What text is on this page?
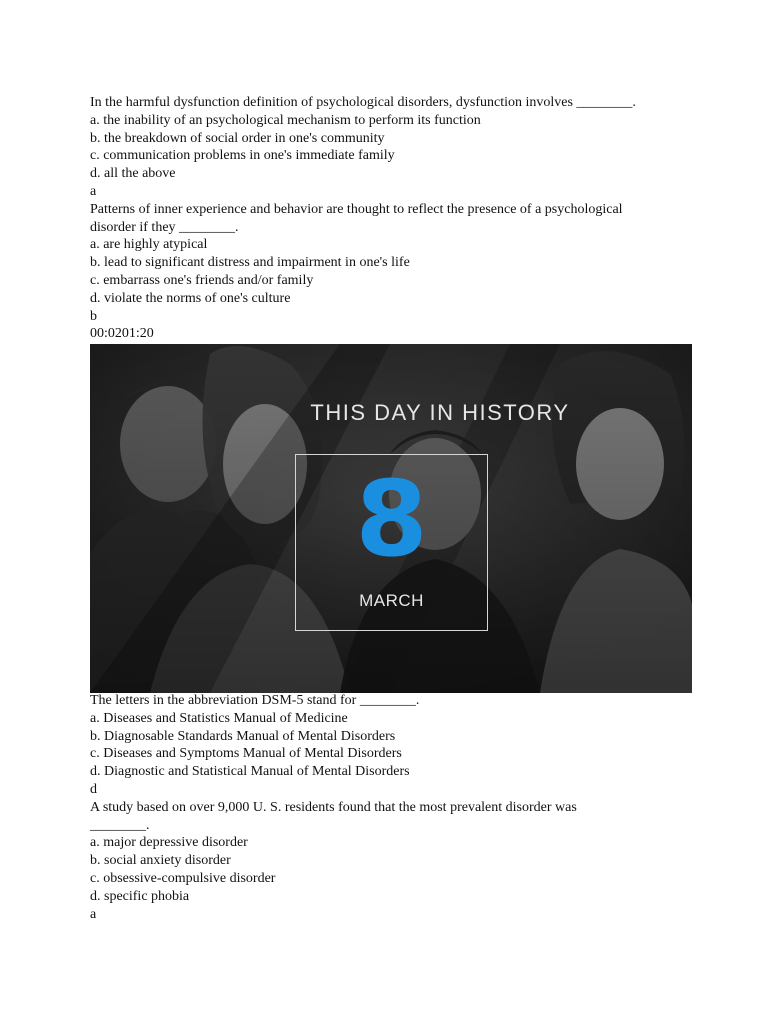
In the harmful dysfunction definition of psychological disorders, dysfunction involves ________.
a. the inability of an psychological mechanism to perform its function
b. the breakdown of social order in one's community
c. communication problems in one's immediate family
d. all the above
a
Patterns of inner experience and behavior are thought to reflect the presence of a psychological
disorder if they ________.
a. are highly atypical
b. lead to significant distress and impairment in one's life
c. embarrass one's friends and/or family
d. violate the norms of one's culture
b
00:0201:20
THIS DAY IN HISTORY
8
MARCH
The letters in the abbreviation DSM-5 stand for ________.
a. Diseases and Statistics Manual of Medicine
b. Diagnosable Standards Manual of Mental Disorders
c. Diseases and Symptoms Manual of Mental Disorders
d. Diagnostic and Statistical Manual of Mental Disorders
d
A study based on over 9,000 U. S. residents found that the most prevalent disorder was
________.
a. major depressive disorder
b. social anxiety disorder
c. obsessive-compulsive disorder
d. specific phobia
a
